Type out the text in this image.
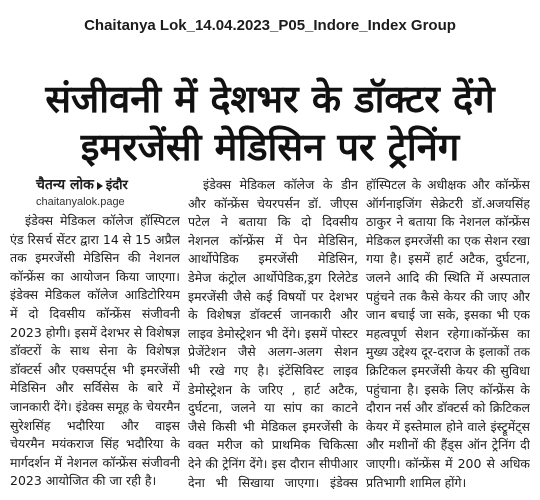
Chaitanya Lok_14.04.2023_P05_Indore_Index Group
संजीवनी में देशभर के डॉक्टर देंगे
इमरजेंसी मेडिसिन पर ट्रेनिंग
चैतन्य लोक इंदौर
chaitanyalok.page
इंडेक्स मेडिकल कॉलेज हॉस्पिटल
एंड रिसर्च सेंटर द्वारा 14 से 15 अप्रैल
तक इमरजेंसी मेडिसिन की नेशनल
कॉन्फ्रेंस का आयोजन किया जाएगा।
इंडेक्स मेडिकल कॉलेज आडिटोरियम
में दो दिवसीय कॉन्फ्रेंस संजीवनी
2023 होगी। इसमें देशभर से विशेषज्ञ
डॉक्टरों के साथ सेना के विशेषज्ञ
डॉक्टर्स और एक्सपर्ट्स भी इमरजेंसी
मेडिसिन और सर्विसेस के बारे में
जानकारी देंगे। इंडेक्स समूह के चेयरमैन
सुरेशसिंह भदौरिया और वाइस
चेयरमैन मयंकराज सिंह भदौरिया के
मार्गदर्शन में नेशनल कॉन्फ्रेंस संजीवनी
2023 आयोजित की जा रही है।
इंडेक्स मेडिकल कॉलेज के डीन
और कॉन्फ्रेंस चेयरपर्सन डॉ. जीएस
पटेल ने बताया कि दो दिवसीय
नेशनल कॉन्फ्रेंस में पेन मेडिसिन,
आर्थोपेडिक इमरजेंसी मेडिसिन,
डेमेज कंट्रोल आर्थोपेडिक,ड्रग रिलेटेड
इमरजेंसी जैसे कई विषयों पर देशभर
के विशेषज्ञ डॉक्टर्स जानकारी और
लाइव डेमोस्ट्रेशन भी देंगे। इसमें पोस्टर
प्रेजेंटेशन जैसे अलग-अलग सेशन
भी रखे गए है। इंटेंसिविस्ट लाइव
डेमोस्ट्रेशन के जरिए , हार्ट अटैक,
दुर्घटना, जलने या सांप का काटने
जैसे किसी भी मेडिकल इमरजेंसी के
वक्त मरीज को प्राथमिक चिकित्सा
देने की ट्रेनिंग देंगे। इस दौरान सीपीआर
देना भी सिखाया जाएगा। इंडेक्स
हॉस्पिटल के अधीक्षक और कॉन्फ्रेंस
ऑर्गनाइजिंग सेक्रेटरी डॉ.अजयसिंह
ठाकुर ने बताया कि नेशनल कॉन्फ्रेंस
मेडिकल इमरजेंसी का एक सेशन रखा
गया है। इसमें हार्ट अटैक, दुर्घटना,
जलने आदि की स्थिति में अस्पताल
पहुंचने तक कैसे केयर की जाए और
जान बचाई जा सके, इसका भी एक
महत्वपूर्ण सेशन रहेगा।कॉन्फ्रेंस का
मुख्य उद्देश्य दूर-दराज के इलाकों तक
क्रिटिकल इमरजेंसी केयर की सुविधा
पहुंचाना है। इसके लिए कॉन्फ्रेंस के
दौरान नर्स और डॉक्टर्स को क्रिटिकल
केयर में इस्तेमाल होने वाले इंस्ट्रूमेंट्स
और मशीनों की हैंड्स ऑन ट्रेनिंग दी
जाएगी। कॉन्फ्रेंस में 200 से अधिक
प्रतिभागी शामिल होंगे।
